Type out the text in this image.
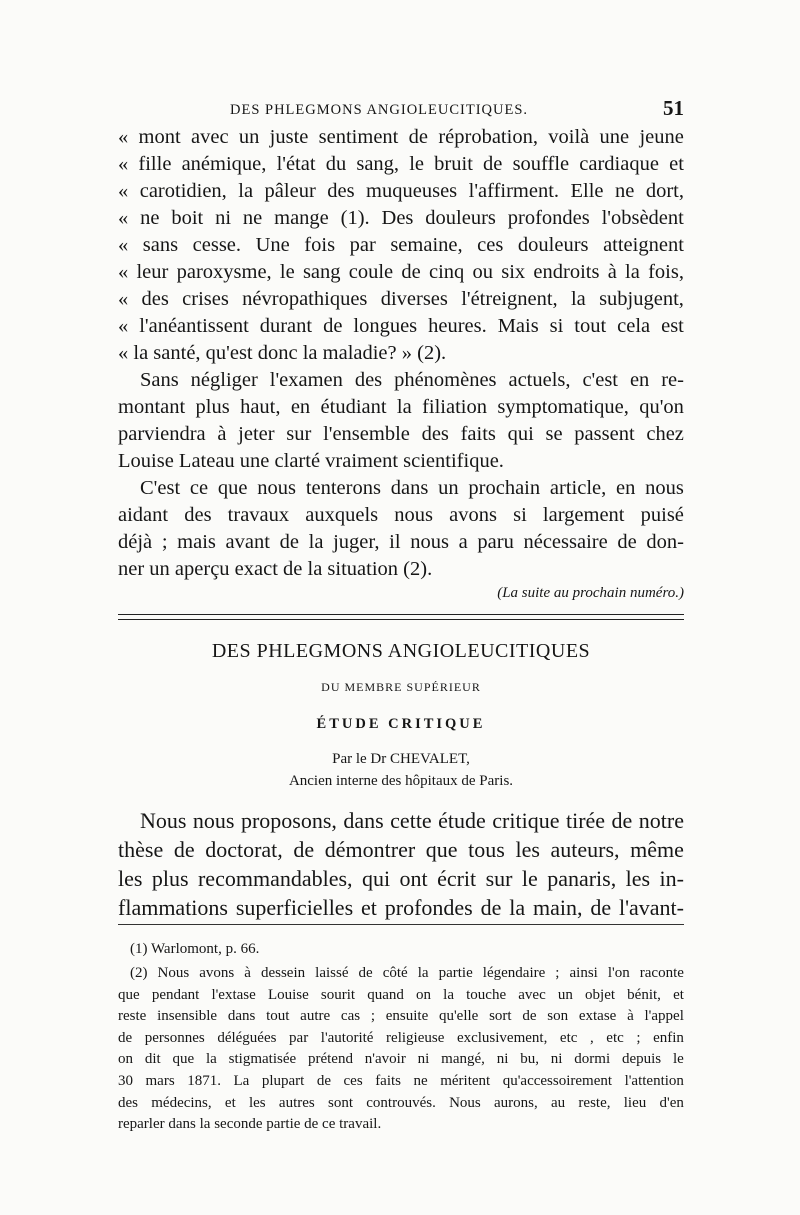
DES PHLEGMONS ANGIOLEUCITIQUES.	51
« mont avec un juste sentiment de réprobation, voilà une jeune
« fille anémique, l'état du sang, le bruit de souffle cardiaque et
« carotidien, la pâleur des muqueuses l'affirment. Elle ne dort,
« ne boit ni ne mange (1). Des douleurs profondes l'obsèdent
« sans cesse. Une fois par semaine, ces douleurs atteignent
« leur paroxysme, le sang coule de cinq ou six endroits à la fois,
« des crises névropathiques diverses l'étreignent, la subjugent,
« l'anéantissent durant de longues heures. Mais si tout cela est
« la santé, qu'est donc la maladie? » (2).
Sans négliger l'examen des phénomènes actuels, c'est en re-
montant plus haut, en étudiant la filiation symptomatique, qu'on
parviendra à jeter sur l'ensemble des faits qui se passent chez
Louise Lateau une clarté vraiment scientifique.
C'est ce que nous tenterons dans un prochain article, en nous
aidant des travaux auxquels nous avons si largement puisé
déjà ; mais avant de la juger, il nous a paru nécessaire de don-
ner un aperçu exact de la situation (2).
(La suite au prochain numéro.)
DES PHLEGMONS ANGIOLEUCITIQUES
DU MEMBRE SUPÉRIEUR
ÉTUDE CRITIQUE
Par le Dr CHEVALET,
Ancien interne des hôpitaux de Paris.
Nous nous proposons, dans cette étude critique tirée de notre
thèse de doctorat, de démontrer que tous les auteurs, même
les plus recommandables, qui ont écrit sur le panaris, les in-
flammations superficielles et profondes de la main, de l'avant-
(1) Warlomont, p. 66.
(2) Nous avons à dessein laissé de côté la partie légendaire ; ainsi l'on raconte
que pendant l'extase Louise sourit quand on la touche avec un objet bénit, et
reste insensible dans tout autre cas ; ensuite qu'elle sort de son extase à l'appel
de personnes déléguées par l'autorité religieuse exclusivement, etc , etc ; enfin
on dit que la stigmatisée prétend n'avoir ni mangé, ni bu, ni dormi depuis le
30 mars 1871. La plupart de ces faits ne méritent qu'accessoirement l'attention
des médecins, et les autres sont controuvés. Nous aurons, au reste, lieu d'en
reparler dans la seconde partie de ce travail.
